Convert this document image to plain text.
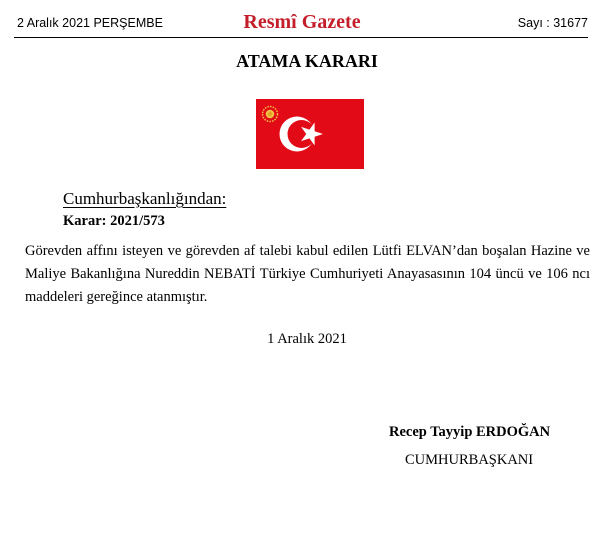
2 Aralık 2021 PERŞEMBE	Resmî Gazete	Sayı : 31677
ATAMA KARARI
Cumhurbaşkanlığından:
Karar: 2021/573
Görevden affını isteyen ve görevden af talebi kabul edilen Lütfi ELVAN’dan boşalan Hazine ve Maliye Bakanlığına Nureddin NEBATİ Türkiye Cumhuriyeti Anayasasının 104 üncü ve 106 ncı maddeleri gereğince atanmıştır.
1 Aralık 2021
Recep Tayyip ERDOĞAN
CUMHURBAŞKANI
